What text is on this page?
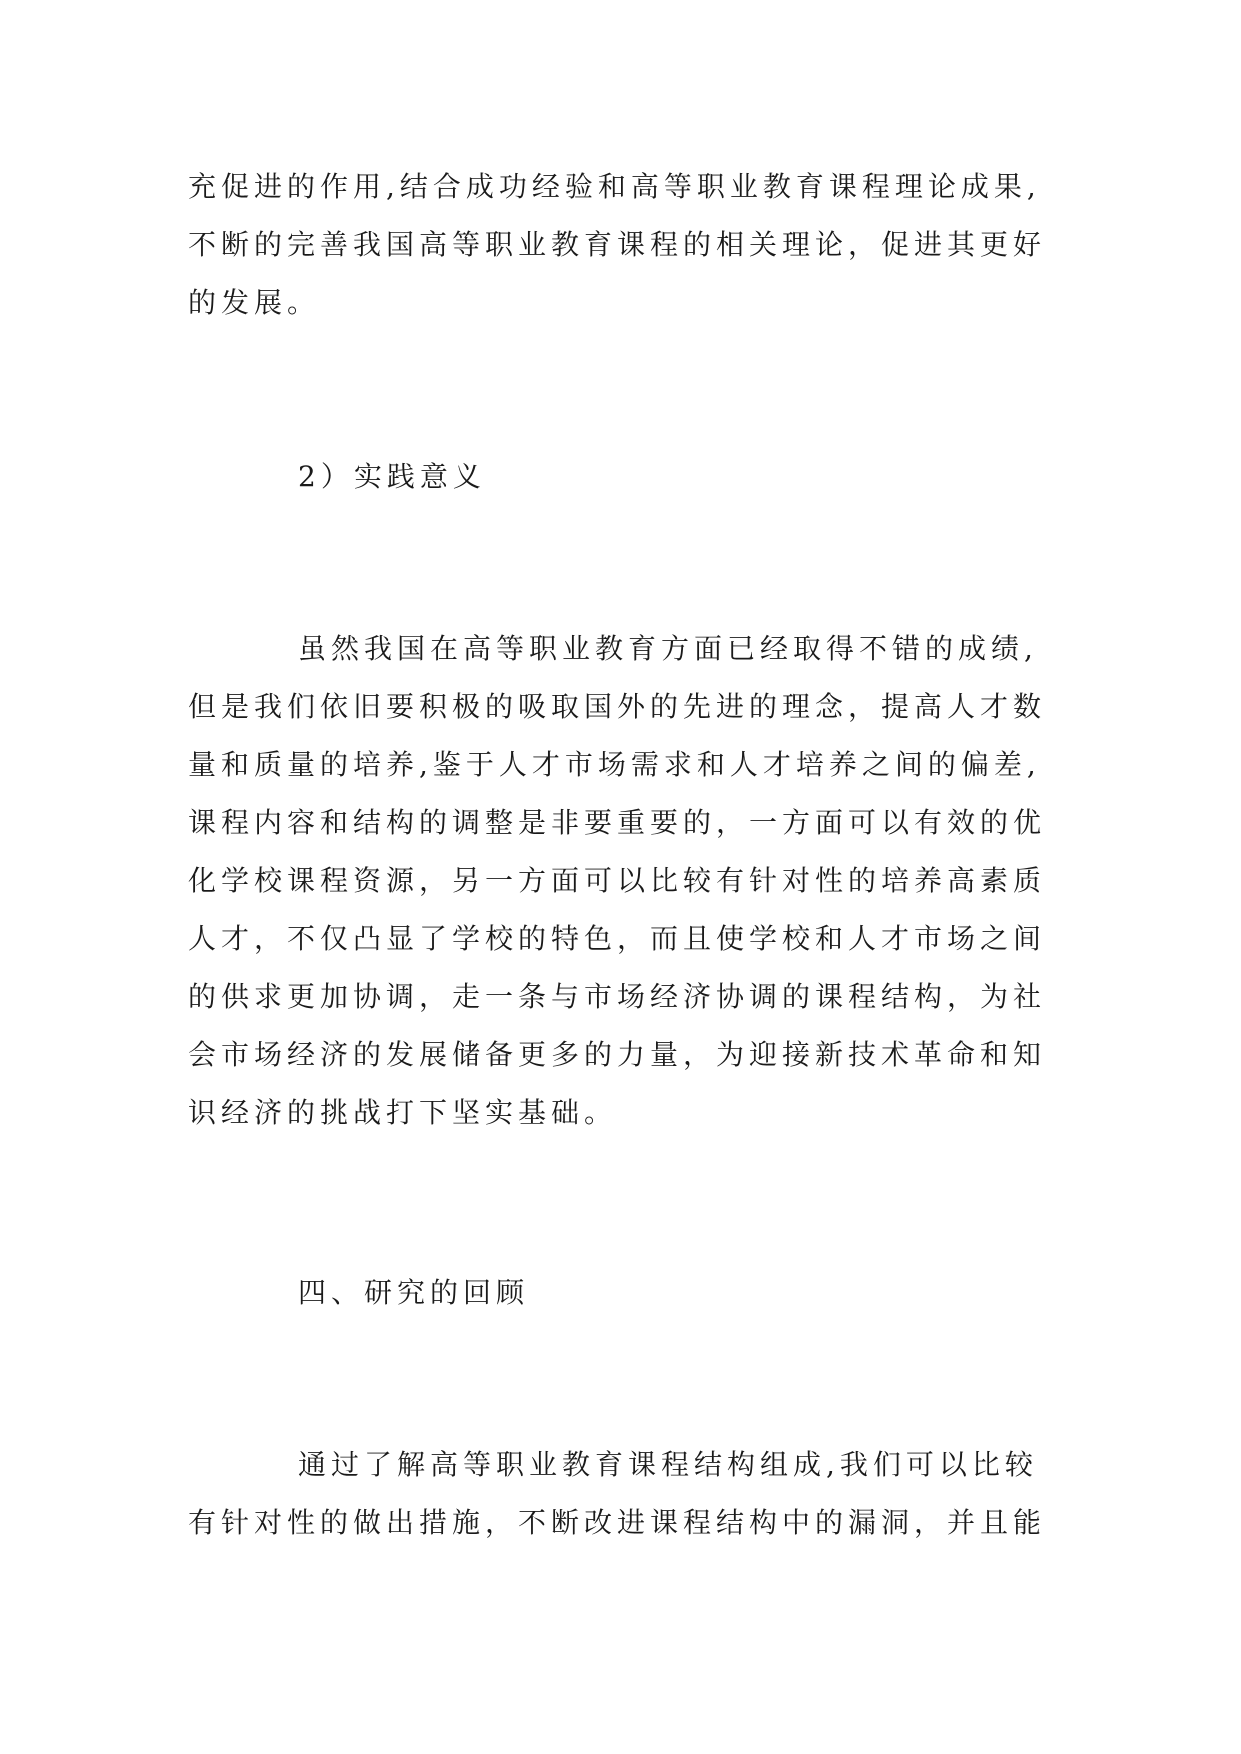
充促进的作用,结合成功经验和高等职业教育课程理论成果,
不断的完善我国高等职业教育课程的相关理论，促进其更好
的发展。
2）实践意义
虽然我国在高等职业教育方面已经取得不错的成绩,
但是我们依旧要积极的吸取国外的先进的理念，提高人才数
量和质量的培养,鉴于人才市场需求和人才培养之间的偏差,
课程内容和结构的调整是非要重要的，一方面可以有效的优
化学校课程资源，另一方面可以比较有针对性的培养高素质
人才，不仅凸显了学校的特色，而且使学校和人才市场之间
的供求更加协调，走一条与市场经济协调的课程结构，为社
会市场经济的发展储备更多的力量，为迎接新技术革命和知
识经济的挑战打下坚实基础。
四、研究的回顾
通过了解高等职业教育课程结构组成,我们可以比较
有针对性的做出措施，不断改进课程结构中的漏洞，并且能
